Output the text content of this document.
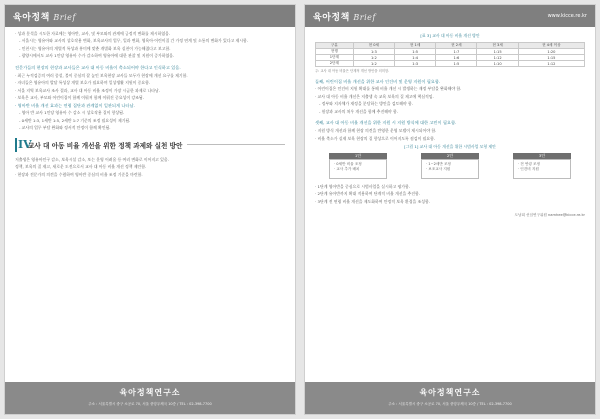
육아정책 Brief

· 성과 분석을 시도한 자료에는 영아반, 교사, 및 부모와의 관계에 긍정적 변화를 제시하였음.

- 서울시는 영유아와 교사의 상호작용 변화, 보육교사의 업무, 일과 변화, 영육아·어린이집 간 가정 연계 및 소통의 변화가 있다고 제시함.

- 인천시는 영유아의 개별적 특성과 흥미에 맞춘 개별화 보육 실천이 가능해졌다고 보고함.

- 광양시에서도 교사 1인당 영유아 수가 감소하여 영유아에 대한 관찰 및 지원이 증가하였음.

전문가들의 현장의 현장과 교사들은 교사 대 아동 비율이 축소되어야 한다고 인식하고 있음.

· 최근 누적검증의 여러 종설, 불이 중심의 잘 높인 보육현장 교사들 모두가 현장에 개선 요구를 제기함.

· 자녀들은 영유아의 발달 특성상 개별 보호가 필요하며 일상생활 지원이 중요함.

· 서울 지역 보육교사 조사 결과, 교사 대 아동 비율 조정이 가장 시급한 과제로 나타남.

· 보육은 교사, 부모와 어린이집이 함께 이뤄져 함께 이뤄진 중요성이 강조됨.

· 영아반 비율 개선 효과는 연령 집단과 관계없이 일관되게 나타남.

- 영아 반 교사 1인당 영유아 수 감소 시 상호작용 질이 향상됨.

- 0세반 1:3, 1세반 1:5, 2세반 1:7 기준의 조정 필요성이 제기됨.

- 교사의 업무 부담 완화와 정서적 안정이 함께 확인됨.

IV
교사 대 아동 비율 개선을 위한 정책 과제와 실천 방안

저출생은 영유아인구 감소, 보육시설 감소, 또는 운영 어려움 등 여러 변화로 이어지고 있음.

정책, 보육의 질 제고, 새로운 도전으로서 교사 대 아동 비율 개선 정책 제안함.

· 현장과 전문가의 의견을 수렴하여 영아반 중심의 비율 조정 기준을 마련함.

육아정책연구소
주소 : 서울특별시 중구 소공로 70, 서울 중앙우체국 10층 / TEL : 02-398-7700
육아정책 Brief	www.kicce.re.kr
[표 3] 교사 대 아동 비율 개선 방안
구분	현 0세	현 1세	현 2세	현 3세	현 4세 이상
현행	1:3	1:5	1:7	1:15	1:20
1단계	1:2	1:4	1:6	1:12	1:15
2단계	1:2	1:3	1:5	1:10	1:12
주: 교사 대 아동 비율은 단계적 개선 방안을 의미함.

둘째, 어린이집 비율 개선을 위한 교사 인건비 및 운영 지원이 필요함.

· 어린이집은 인건비 지원 확대를 통해 비율 개선 시 발생하는 재정 부담을 완화해야 함.

· 교사 대 아동 비율 개선은 저출생 속 교육 보육의 질 제고에 핵심적임.

- 정부와 지자체가 재정을 분담하는 방안을 검토해야 함.

- 원장과 교사의 처우 개선을 함께 추진해야 함.

셋째, 교사 대 아동 비율 개선을 위한 지원 시 지원 방식에 대한 고민이 필요함.

· 지원 방식 개선과 함께 현장 의견을 반영한 운영 모델이 제시되어야 함.

· 비율 축소가 실제 보육 현장의 질 향상으로 이어지도록 점검이 필요함.

[그림 1] 교사 대 아동 개선을 위한 시범사업 모형 제안
1안
· 0세반 비율 조정
· 교사 추가 배치
2안
· 1~2세반 조정
· 보조교사 지원
3안
· 전 연령 조정
· 인건비 지원

· 1단계 영아반을 중심으로 시범사업을 실시하고 평가함.

· 2단계 유아반까지 확대 적용하여 단계적 비율 개선을 추진함.

· 3단계 전 연령 비율 개선을 제도화하여 안정적 보육 환경을 조성함.

도남희 선임연구위원 namhee@kicce.re.kr
육아정책연구소
주소 : 서울특별시 중구 소공로 70, 서울 중앙우체국 10층 / TEL : 02-398-7700
